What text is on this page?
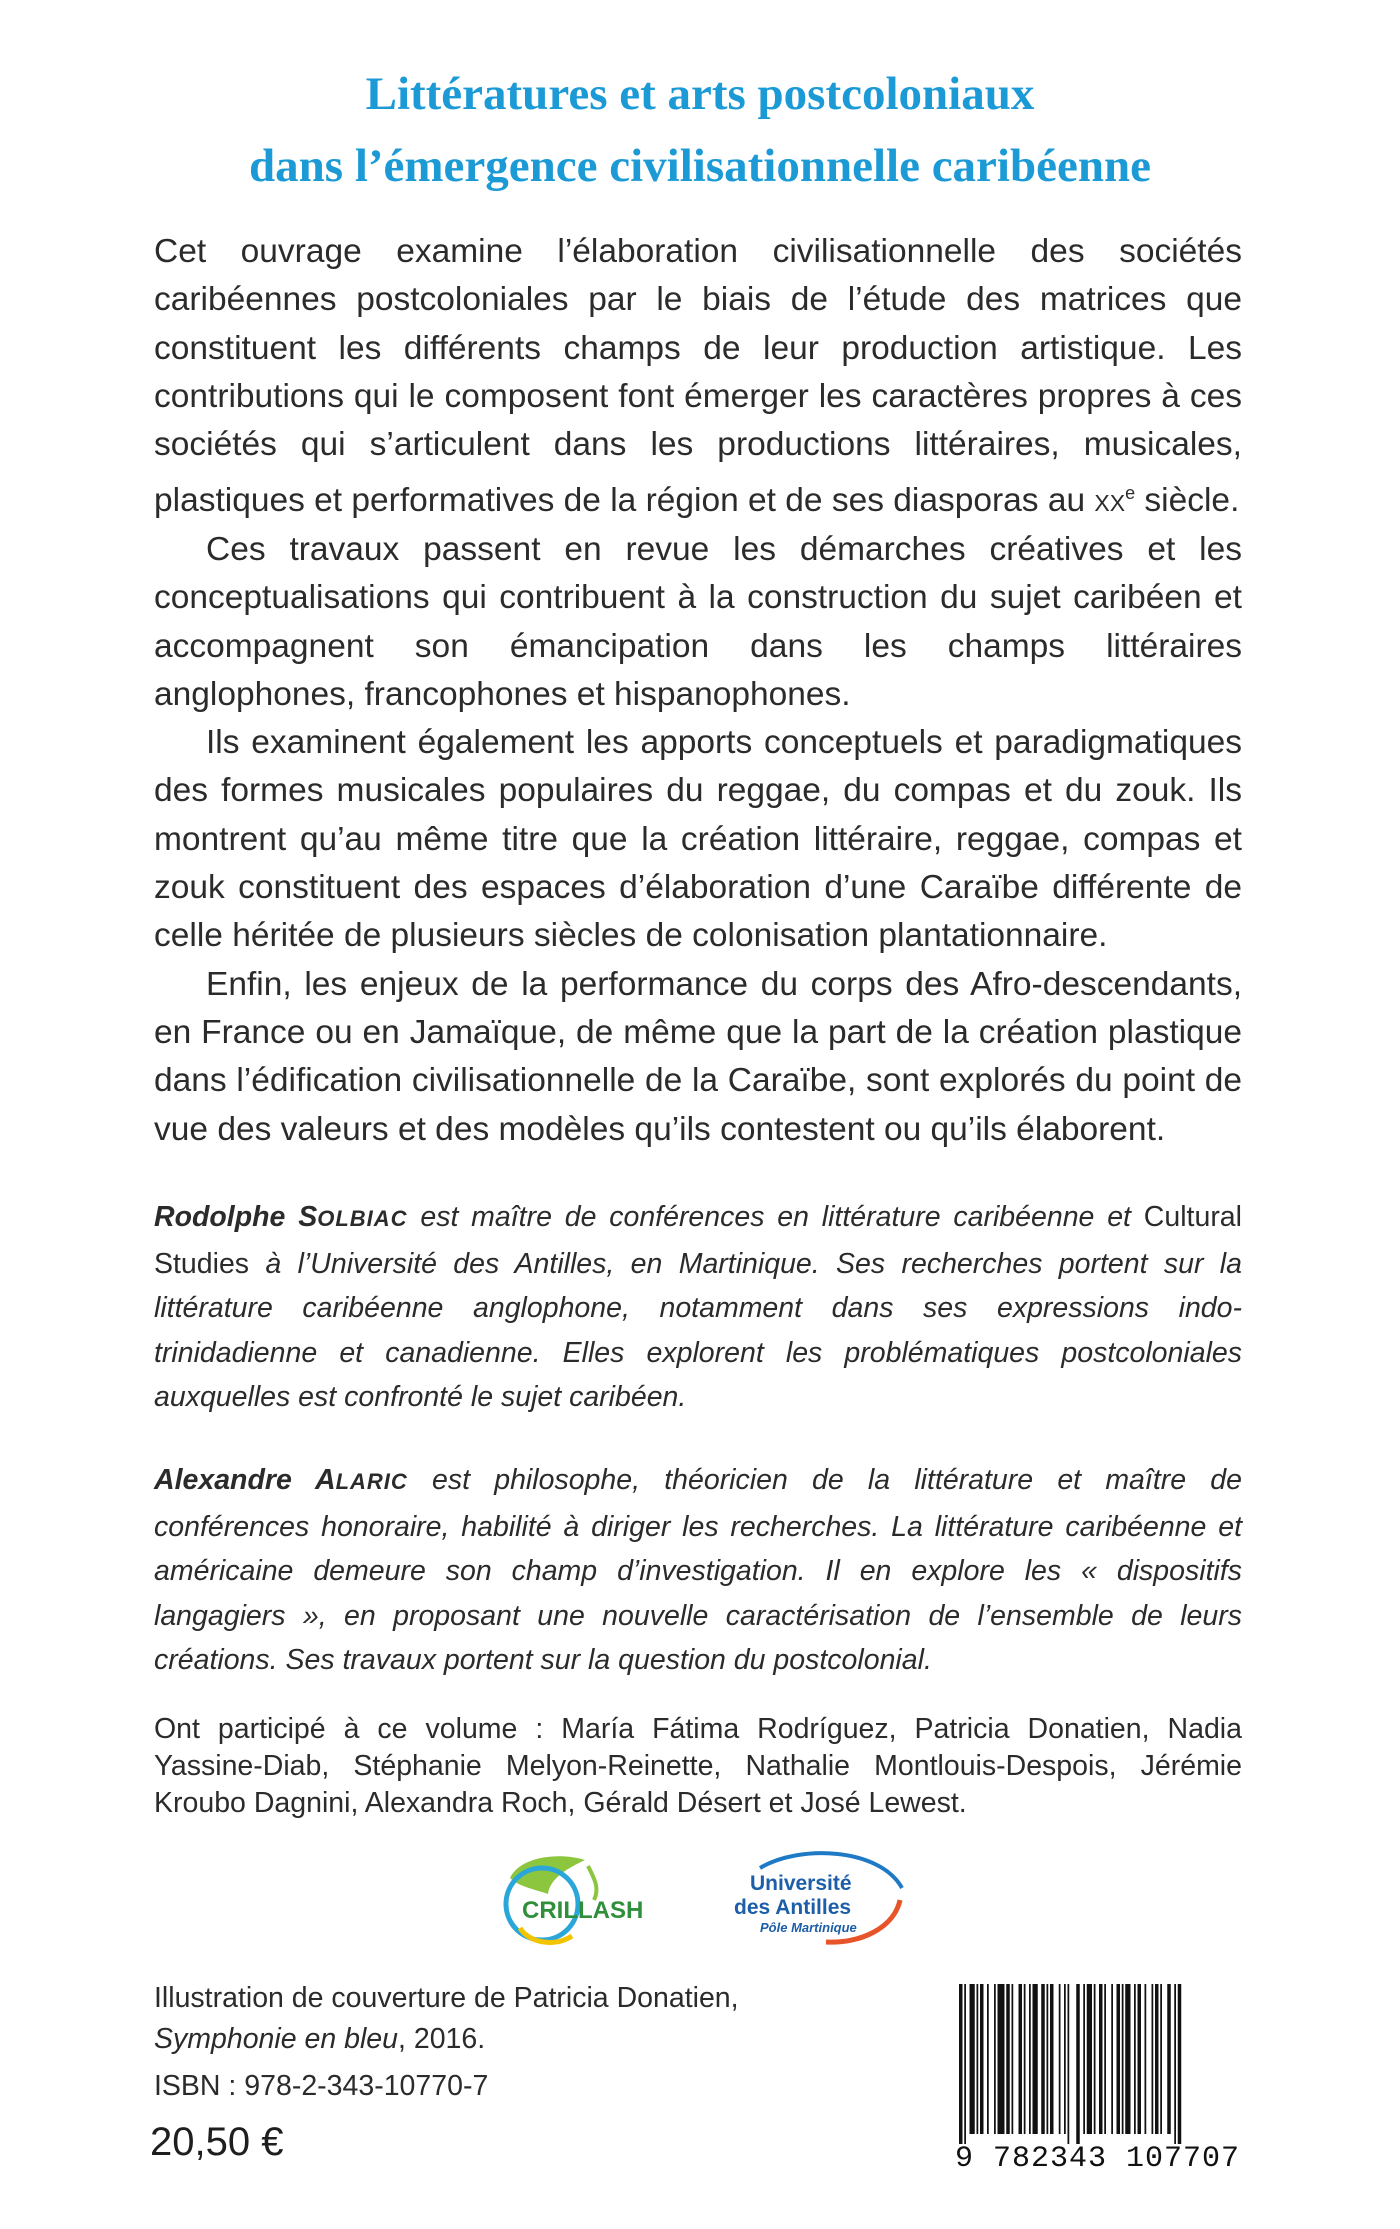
Littératures et arts postcoloniaux
dans l’émergence civilisationnelle caribéenne

Cet ouvrage examine l’élaboration civilisationnelle des sociétés caribéennes postcoloniales par le biais de l’étude des matrices que constituent les différents champs de leur production artistique. Les contributions qui le composent font émerger les caractères propres à ces sociétés qui s’articulent dans les productions littéraires, musicales, plastiques et performatives de la région et de ses diasporas au $xx^e$ siècle.

Ces travaux passent en revue les démarches créatives et les conceptualisations qui contribuent à la construction du sujet caribéen et accompagnent son émancipation dans les champs littéraires anglophones, francophones et hispanophones.

Ils examinent également les apports conceptuels et paradigmatiques des formes musicales populaires du reggae, du compas et du zouk. Ils montrent qu’au même titre que la création littéraire, reggae, compas et zouk constituent des espaces d’élaboration d’une Caraïbe différente de celle héritée de plusieurs siècles de colonisation plantationnaire.

Enfin, les enjeux de la performance du corps des Afro-descendants, en France ou en Jamaïque, de même que la part de la création plastique dans l’édification civilisationnelle de la Caraïbe, sont explorés du point de vue des valeurs et des modèles qu’ils contestent ou qu’ils élaborent.

Rodolphe SOLBIAC est maître de conférences en littérature caribéenne et Cultural Studies à l’Université des Antilles, en Martinique. Ses recherches portent sur la littérature caribéenne anglophone, notamment dans ses expressions indo-trinidadienne et canadienne. Elles explorent les problématiques postcoloniales auxquelles est confronté le sujet caribéen.

Alexandre ALARIC est philosophe, théoricien de la littérature et maître de conférences honoraire, habilité à diriger les recherches. La littérature caribéenne et américaine demeure son champ d’investigation. Il en explore les « dispositifs langagiers », en proposant une nouvelle caractérisation de l’ensemble de leurs créations. Ses travaux portent sur la question du postcolonial.

Ont participé à ce volume : María Fátima Rodríguez, Patricia Donatien, Nadia Yassine-Diab, Stéphanie Melyon-Reinette, Nathalie Montlouis-Despois, Jérémie Kroubo Dagnini, Alexandra Roch, Gérald Désert et José Lewest.

CRILLASH
Université
des Antilles
Pôle Martinique

Illustration de couverture de Patricia Donatien,
Symphonie en bleu, 2016.

ISBN : 978-2-343-10770-7
20,50 €	9 782343 107707
